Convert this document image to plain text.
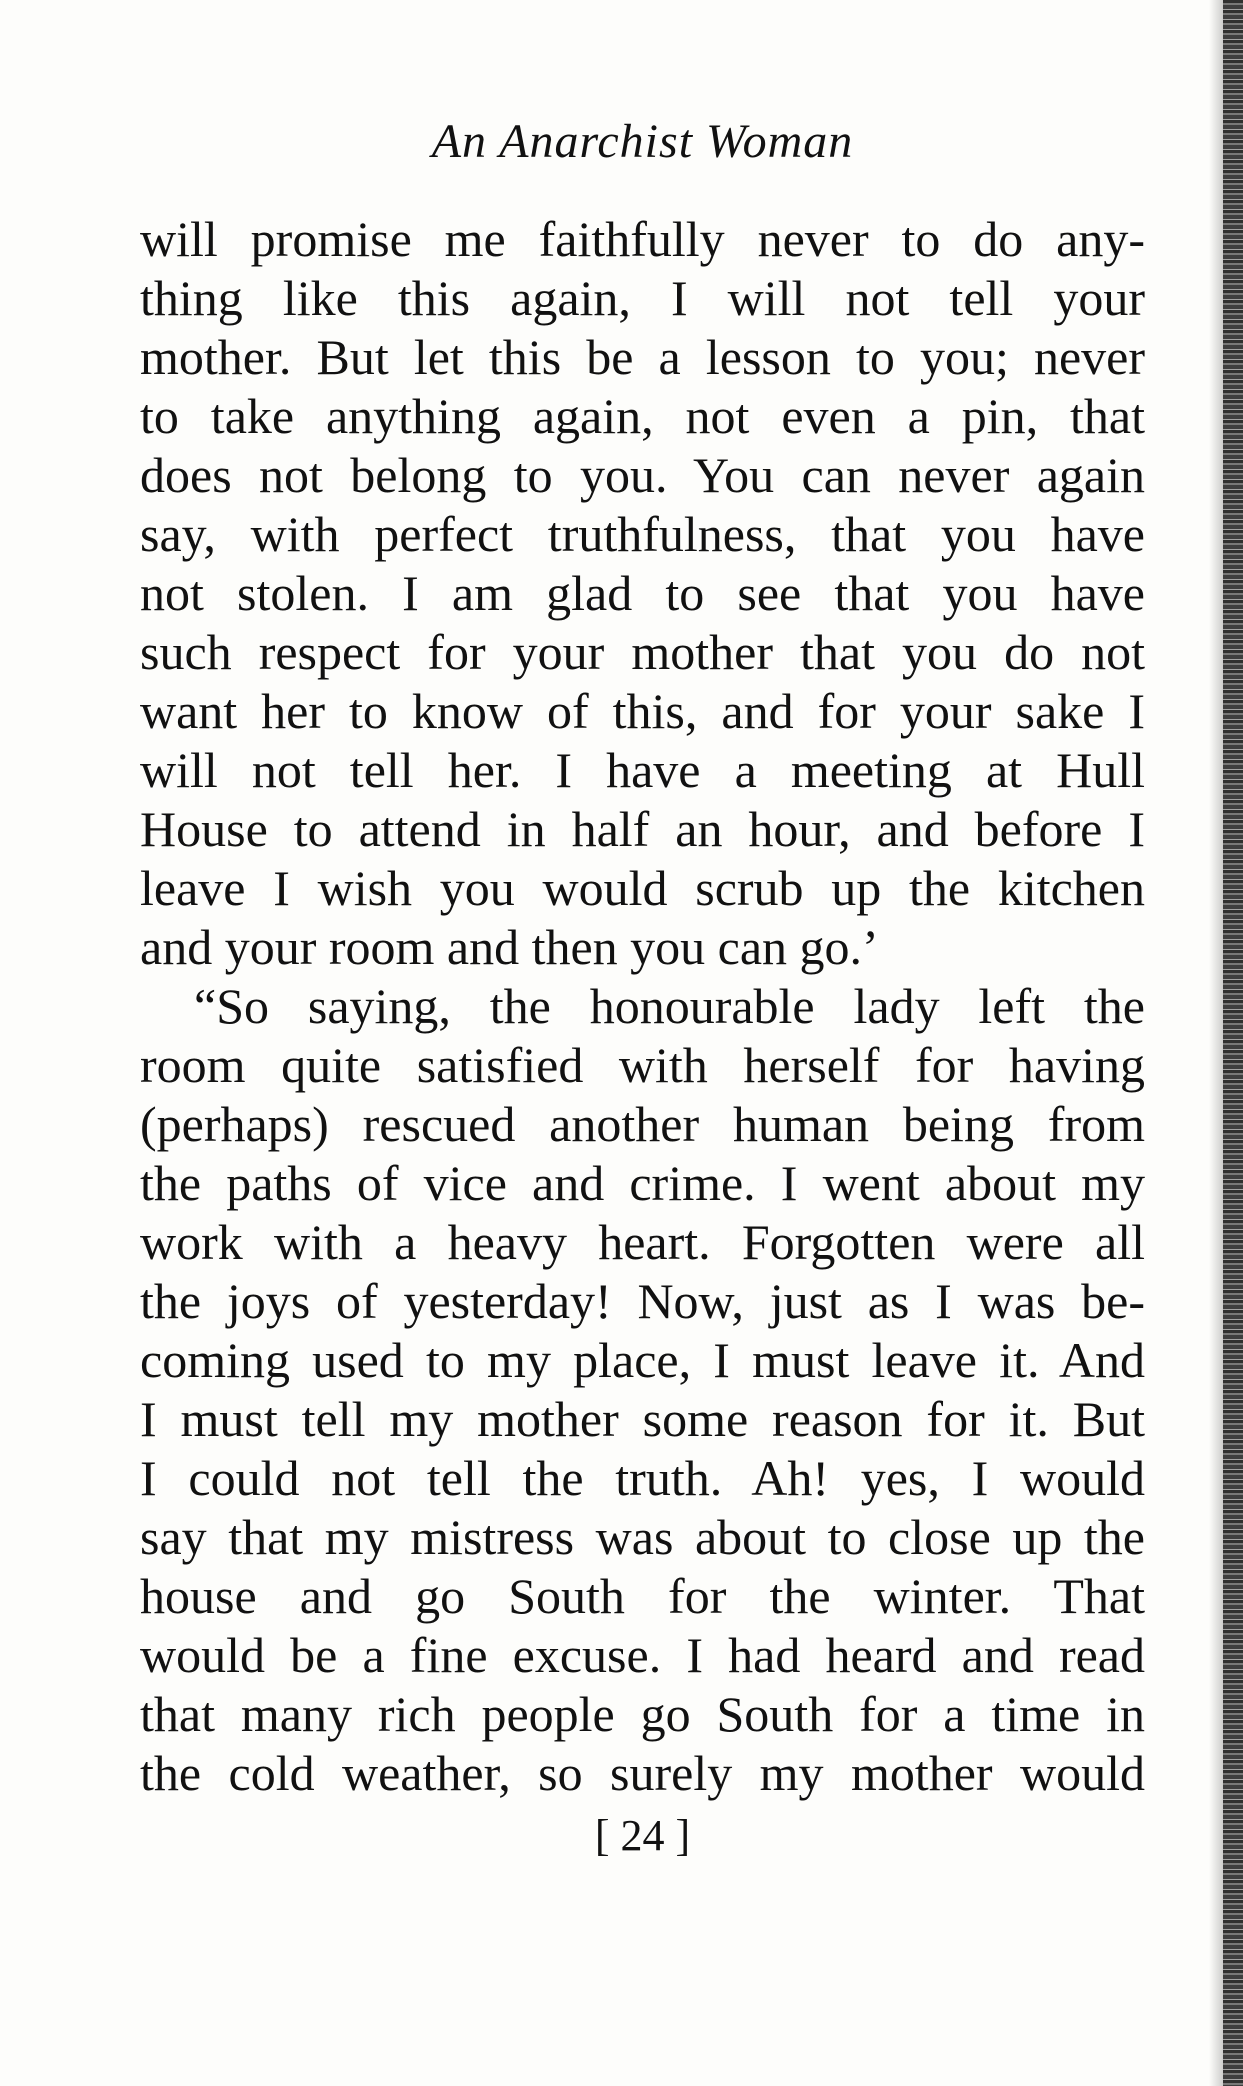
An Anarchist Woman
will promise me faithfully never to do any-
thing like this again, I will not tell your
mother. But let this be a lesson to you; never
to take anything again, not even a pin, that
does not belong to you. You can never again
say, with perfect truthfulness, that you have
not stolen. I am glad to see that you have
such respect for your mother that you do not
want her to know of this, and for your sake I
will not tell her. I have a meeting at Hull
House to attend in half an hour, and before I
leave I wish you would scrub up the kitchen
and your room and then you can go.’
“So saying, the honourable lady left the
room quite satisfied with herself for having
(perhaps) rescued another human being from
the paths of vice and crime. I went about my
work with a heavy heart. Forgotten were all
the joys of yesterday! Now, just as I was be-
coming used to my place, I must leave it. And
I must tell my mother some reason for it. But
I could not tell the truth. Ah! yes, I would
say that my mistress was about to close up the
house and go South for the winter. That
would be a fine excuse. I had heard and read
that many rich people go South for a time in
the cold weather, so surely my mother would
[ 24 ]
